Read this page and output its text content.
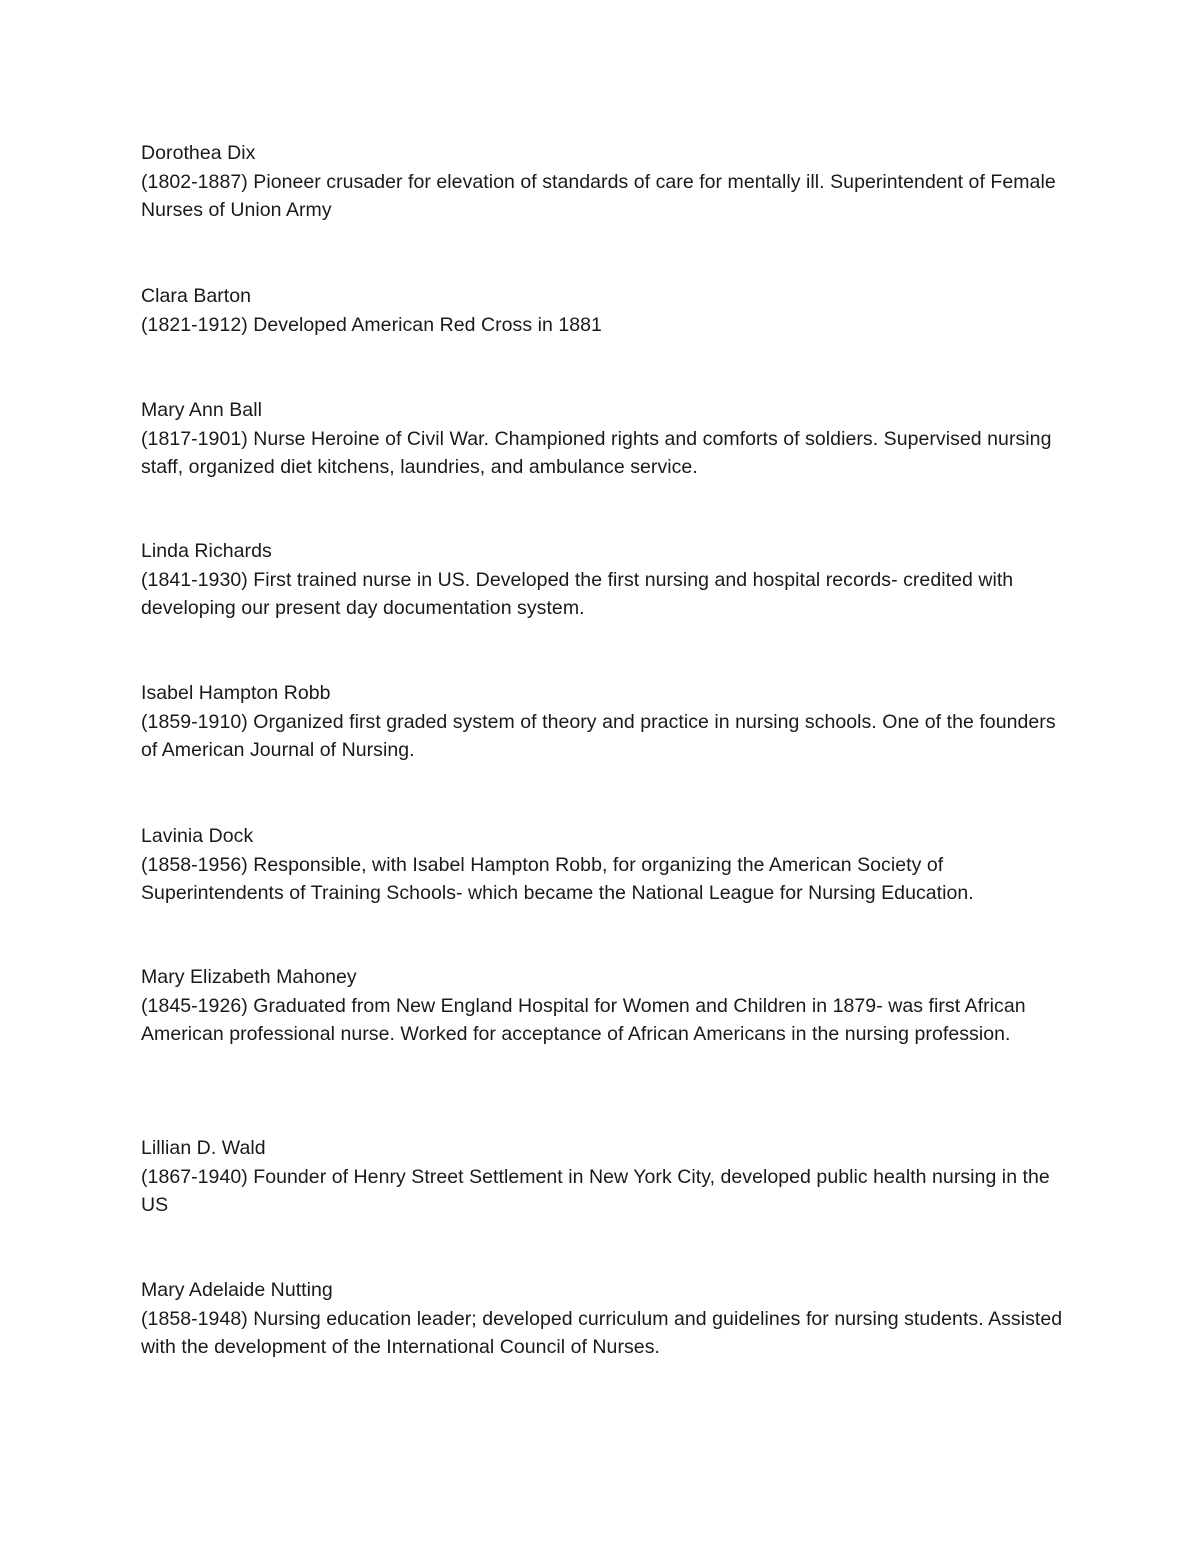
Dorothea Dix

(1802-1887) Pioneer crusader for elevation of standards of care for mentally ill. Superintendent of Female Nurses of Union Army

Clara Barton

(1821-1912) Developed American Red Cross in 1881

Mary Ann Ball

(1817-1901) Nurse Heroine of Civil War. Championed rights and comforts of soldiers. Supervised nursing staff, organized diet kitchens, laundries, and ambulance service.

Linda Richards

(1841-1930) First trained nurse in US. Developed the first nursing and hospital records- credited with developing our present day documentation system.

Isabel Hampton Robb

(1859-1910) Organized first graded system of theory and practice in nursing schools. One of the founders of American Journal of Nursing.

Lavinia Dock

(1858-1956) Responsible, with Isabel Hampton Robb, for organizing the American Society of Superintendents of Training Schools- which became the National League for Nursing Education.

Mary Elizabeth Mahoney

(1845-1926) Graduated from New England Hospital for Women and Children in 1879- was first African American professional nurse. Worked for acceptance of African Americans in the nursing profession.

Lillian D. Wald

(1867-1940) Founder of Henry Street Settlement in New York City, developed public health nursing in the US

Mary Adelaide Nutting

(1858-1948) Nursing education leader; developed curriculum and guidelines for nursing students. Assisted with the development of the International Council of Nurses.
